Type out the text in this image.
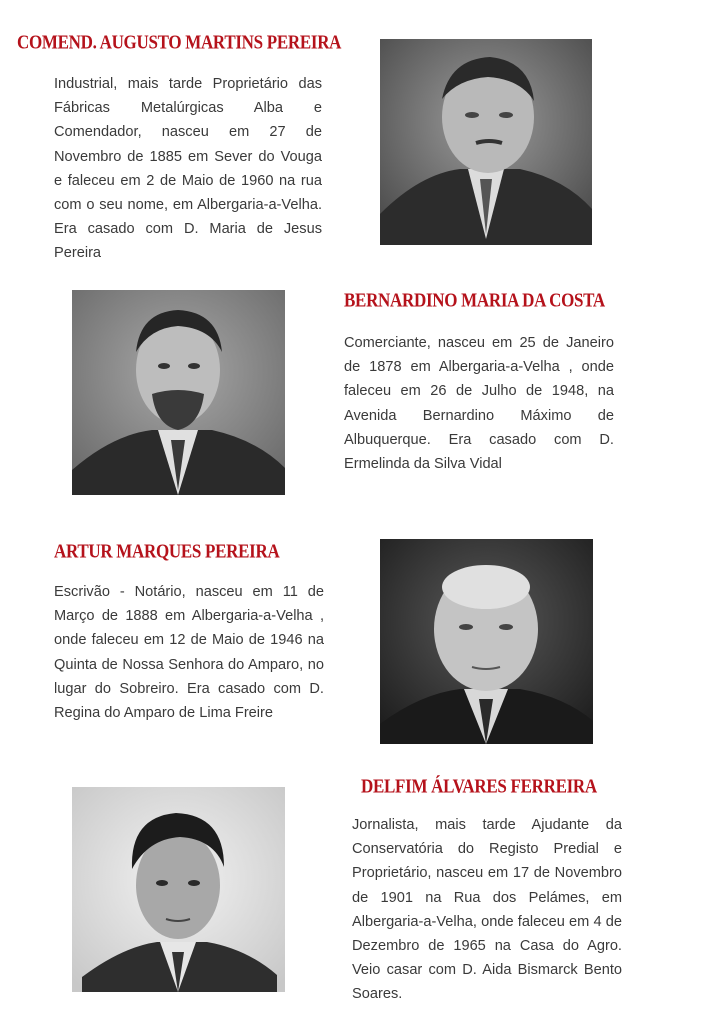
COMEND. AUGUSTO MARTINS PEREIRA

Industrial, mais tarde Proprietário das Fábricas Metalúrgicas Alba e Comendador, nasceu em 27 de Novembro de 1885 em Sever do Vouga e faleceu em 2 de Maio de 1960 na rua com o seu nome, em Albergaria-a-Velha. Era casado com D. Maria de Jesus Pereira

BERNARDINO MARIA DA COSTA

Comerciante, nasceu em 25 de Janeiro de 1878 em Albergaria-a-Velha , onde faleceu em 26 de Julho de 1948, na Avenida Bernardino Máximo de Albuquerque. Era casado com D. Ermelinda da Silva Vidal

ARTUR MARQUES PEREIRA

Escrivão - Notário, nasceu em 11 de Março de 1888 em Albergaria-a-Velha , onde faleceu em 12 de Maio de 1946 na Quinta de Nossa Senhora do Amparo, no lugar do Sobreiro. Era casado com D. Regina do Amparo de Lima Freire

DELFIM ÁLVARES FERREIRA

Jornalista, mais tarde Ajudante da Conservatória do Registo Predial e Proprietário, nasceu em 17 de Novembro de 1901 na Rua dos Pelámes, em Albergaria-a-Velha, onde faleceu em 4 de Dezembro de 1965 na Casa do Agro. Veio casar com D. Aida Bismarck Bento Soares.
